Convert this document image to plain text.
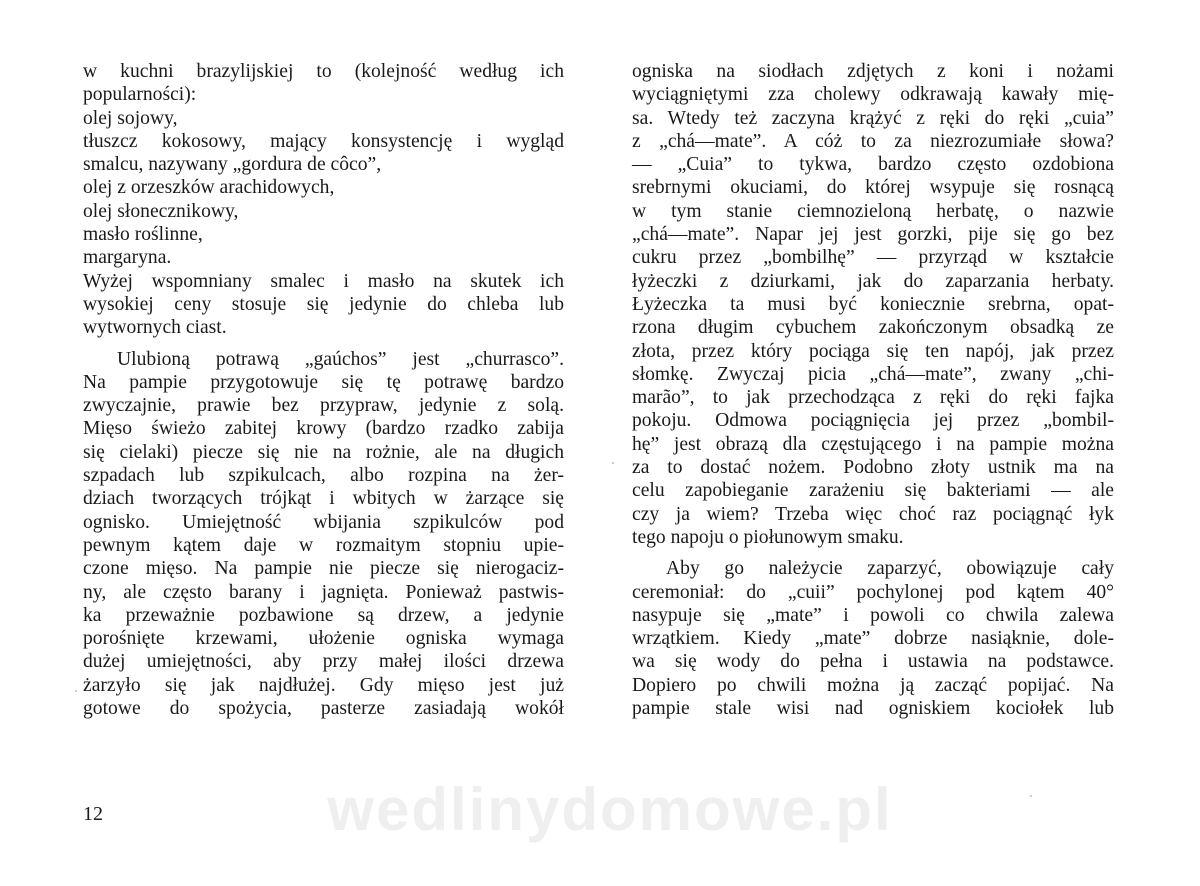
w kuchni brazylijskiej to (kolejność według ich
popularności):
olej sojowy,
tłuszcz kokosowy, mający konsystencję i wygląd
smalcu, nazywany „gordura de côco”,
olej z orzeszków arachidowych,
olej słonecznikowy,
masło roślinne,
margaryna.
Wyżej wspomniany smalec i masło na skutek ich
wysokiej ceny stosuje się jedynie do chleba lub
wytwornych ciast.
Ulubioną potrawą „gaúchos” jest „churrasco”.
Na pampie przygotowuje się tę potrawę bardzo
zwyczajnie, prawie bez przypraw, jedynie z solą.
Mięso świeżo zabitej krowy (bardzo rzadko zabija
się cielaki) piecze się nie na rożnie, ale na długich
szpadach lub szpikulcach, albo rozpina na żer-
dziach tworzących trójkąt i wbitych w żarzące się
ognisko. Umiejętność wbijania szpikulców pod
pewnym kątem daje w rozmaitym stopniu upie-
czone mięso. Na pampie nie piecze się nierogaciz-
ny, ale często barany i jagnięta. Ponieważ pastwis-
ka przeważnie pozbawione są drzew, a jedynie
porośnięte krzewami, ułożenie ogniska wymaga
dużej umiejętności, aby przy małej ilości drzewa
żarzyło się jak najdłużej. Gdy mięso jest już
gotowe do spożycia, pasterze zasiadają wokół
ogniska na siodłach zdjętych z koni i nożami
wyciągniętymi zza cholewy odkrawają kawały mię-
sa. Wtedy też zaczyna krążyć z ręki do ręki „cuia”
z „chá—mate”. A cóż to za niezrozumiałe słowa?
— „Cuia” to tykwa, bardzo często ozdobiona
srebrnymi okuciami, do której wsypuje się rosnącą
w tym stanie ciemnozieloną herbatę, o nazwie
„chá—mate”. Napar jej jest gorzki, pije się go bez
cukru przez „bombilhę” — przyrząd w kształcie
łyżeczki z dziurkami, jak do zaparzania herbaty.
Łyżeczka ta musi być koniecznie srebrna, opat-
rzona długim cybuchem zakończonym obsadką ze
złota, przez który pociąga się ten napój, jak przez
słomkę. Zwyczaj picia „chá—mate”, zwany „chi-
marão”, to jak przechodząca z ręki do ręki fajka
pokoju. Odmowa pociągnięcia jej przez „bombil-
hę” jest obrazą dla częstującego i na pampie można
za to dostać nożem. Podobno złoty ustnik ma na
celu zapobieganie zarażeniu się bakteriami — ale
czy ja wiem? Trzeba więc choć raz pociągnąć łyk
tego napoju o piołunowym smaku.
Aby go należycie zaparzyć, obowiązuje cały
ceremoniał: do „cuii” pochylonej pod kątem 40°
nasypuje się „mate” i powoli co chwila zalewa
wrzątkiem. Kiedy „mate” dobrze nasiąknie, dole-
wa się wody do pełna i ustawia na podstawce.
Dopiero po chwili można ją zacząć popijać. Na
pampie stale wisi nad ogniskiem kociołek lub
12	wedlinydomowe.pl
